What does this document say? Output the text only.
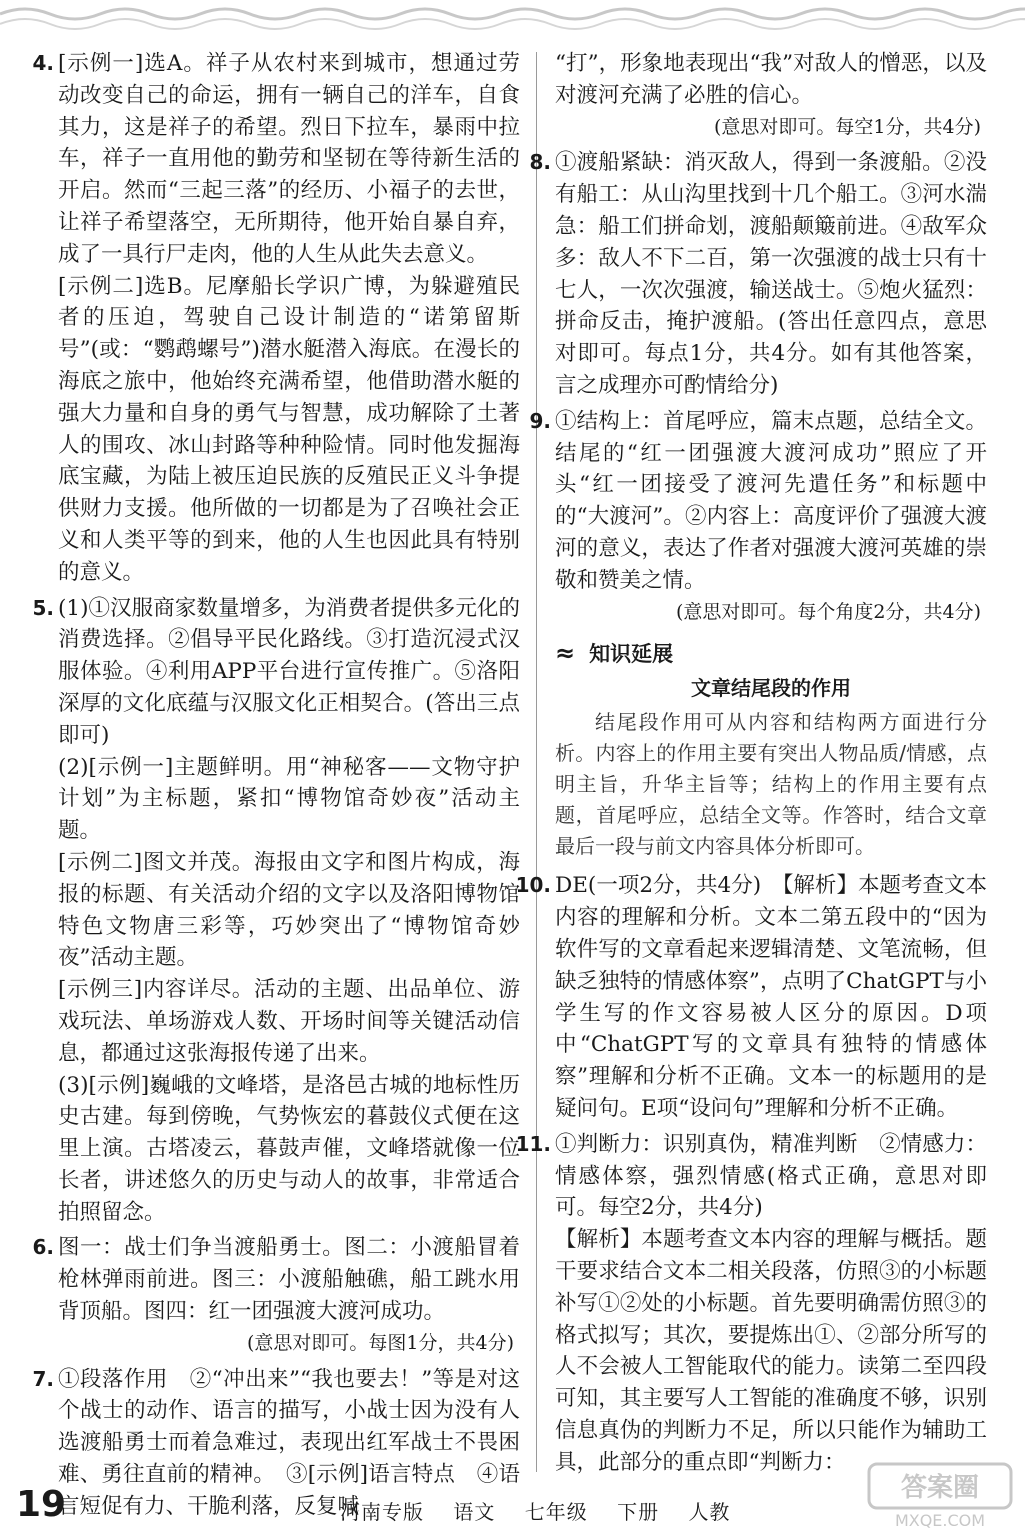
4. [示例一]选A。祥子从农村来到城市，想通过劳动改变自己的命运，拥有一辆自己的洋车，自食其力，这是祥子的希望。烈日下拉车，暴雨中拉车，祥子一直用他的勤劳和坚韧在等待新生活的开启。然而“三起三落”的经历、小福子的去世，让祥子希望落空，无所期待，他开始自暴自弃，成了一具行尸走肉，他的人生从此失去意义。

[示例二]选B。尼摩船长学识广博，为躲避殖民者的压迫，驾驶自己设计制造的“诺第留斯号”(或：“鹦鹉螺号”)潜水艇潜入海底。在漫长的海底之旅中，他始终充满希望，他借助潜水艇的强大力量和自身的勇气与智慧，成功解除了土著人的围攻、冰山封路等种种险情。同时他发掘海底宝藏，为陆上被压迫民族的反殖民正义斗争提供财力支援。他所做的一切都是为了召唤社会正义和人类平等的到来，他的人生也因此具有特别的意义。

5. (1)①汉服商家数量增多，为消费者提供多元化的消费选择。②倡导平民化路线。③打造沉浸式汉服体验。④利用APP平台进行宣传推广。⑤洛阳深厚的文化底蕴与汉服文化正相契合。(答出三点即可)

(2)[示例一]主题鲜明。用“神秘客——文物守护计划”为主标题，紧扣“博物馆奇妙夜”活动主题。

[示例二]图文并茂。海报由文字和图片构成，海报的标题、有关活动介绍的文字以及洛阳博物馆特色文物唐三彩等，巧妙突出了“博物馆奇妙夜”活动主题。

[示例三]内容详尽。活动的主题、出品单位、游戏玩法、单场游戏人数、开场时间等关键活动信息，都通过这张海报传递了出来。

(3)[示例]巍峨的文峰塔，是洛邑古城的地标性历史古建。每到傍晚，气势恢宏的暮鼓仪式便在这里上演。古塔凌云，暮鼓声催，文峰塔就像一位长者，讲述悠久的历史与动人的故事，非常适合拍照留念。

6. 图一：战士们争当渡船勇士。图二：小渡船冒着枪林弹雨前进。图三：小渡船触礁，船工跳水用背顶船。图四：红一团强渡大渡河成功。

(意思对即可。每图1分，共4分)

7. ①段落作用　②“冲出来”“我也要去！”等是对这个战士的动作、语言的描写，小战士因为没有人选渡船勇士而着急难过，表现出红军战士不畏困难、勇往直前的精神。　③[示例]语言特点　④语言短促有力、干脆利落，反复喊

“打”，形象地表现出“我”对敌人的憎恶，以及对渡河充满了必胜的信心。

(意思对即可。每空1分，共4分)

8. ①渡船紧缺：消灭敌人，得到一条渡船。②没有船工：从山沟里找到十几个船工。③河水湍急：船工们拼命划，渡船颠簸前进。④敌军众多：敌人不下二百，第一次强渡的战士只有十七人，一次次强渡，输送战士。⑤炮火猛烈：拼命反击，掩护渡船。(答出任意四点，意思对即可。每点1分，共4分。如有其他答案，言之成理亦可酌情给分)

9. ①结构上：首尾呼应，篇末点题，总结全文。结尾的“红一团强渡大渡河成功”照应了开头“红一团接受了渡河先遣任务”和标题中的“大渡河”。②内容上：高度评价了强渡大渡河的意义，表达了作者对强渡大渡河英雄的崇敬和赞美之情。

(意思对即可。每个角度2分，共4分)

≈ 知识延展
文章结尾段的作用

结尾段作用可从内容和结构两方面进行分析。内容上的作用主要有突出人物品质/情感，点明主旨，升华主旨等；结构上的作用主要有点题，首尾呼应，总结全文等。作答时，结合文章最后一段与前文内容具体分析即可。

10. DE(一项2分，共4分)　【解析】本题考查文本内容的理解和分析。文本二第五段中的“因为软件写的文章看起来逻辑清楚、文笔流畅，但缺乏独特的情感体察”，点明了ChatGPT与小学生写的作文容易被人区分的原因。D项中“ChatGPT写的文章具有独特的情感体察”理解和分析不正确。文本一的标题用的是疑问句。E项“设问句”理解和分析不正确。

11. ①判断力：识别真伪，精准判断　②情感力：情感体察，强烈情感(格式正确，意思对即可。每空2分，共4分)

【解析】本题考查文本内容的理解与概括。题干要求结合文本二相关段落，仿照③的小标题补写①②处的小标题。首先要明确需仿照③的格式拟写；其次，要提炼出①、②部分所写的人不会被人工智能取代的能力。读第二至四段可知，其主要写人工智能的准确度不够，识别信息真伪的判断力不足，所以只能作为辅助工具，此部分的重点即“判断力：

19	河南专版 语文 七年级 下册 人教
答案圈
MXQE.COM
